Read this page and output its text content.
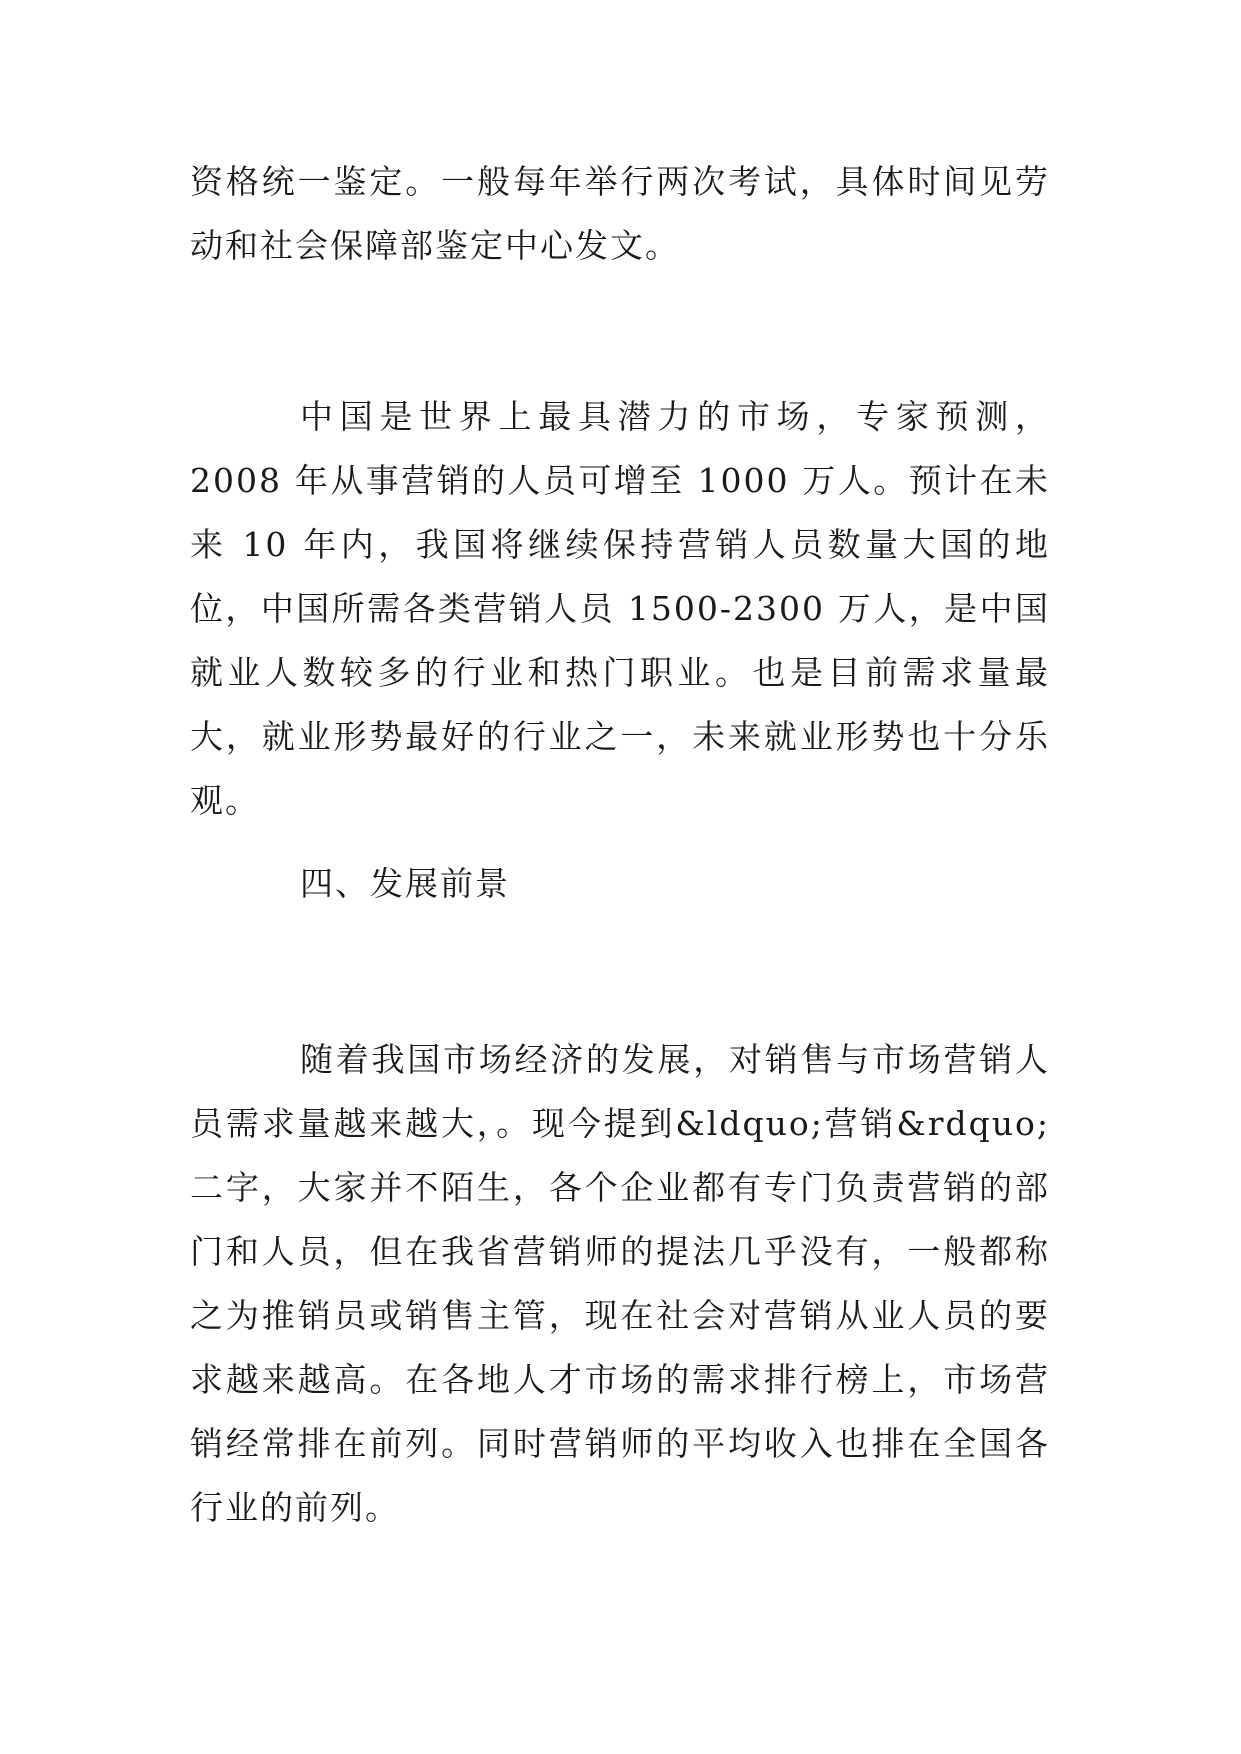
资格统一鉴定。一般每年举行两次考试，具体时间见劳动和社会保障部鉴定中心发文。

中国是世界上最具潜力的市场，专家预测，2008 年从事营销的人员可增至 1000 万人。预计在未来 10 年内，我国将继续保持营销人员数量大国的地位，中国所需各类营销人员 1500-2300 万人，是中国就业人数较多的行业和热门职业。也是目前需求量最大，就业形势最好的行业之一，未来就业形势也十分乐观。

四、发展前景

随着我国市场经济的发展，对销售与市场营销人员需求量越来越大，。现今提到&ldquo;营销&rdquo;二字，大家并不陌生，各个企业都有专门负责营销的部门和人员，但在我省营销师的提法几乎没有，一般都称之为推销员或销售主管，现在社会对营销从业人员的要求越来越高。在各地人才市场的需求排行榜上，市场营销经常排在前列。同时营销师的平均收入也排在全国各行业的前列。
